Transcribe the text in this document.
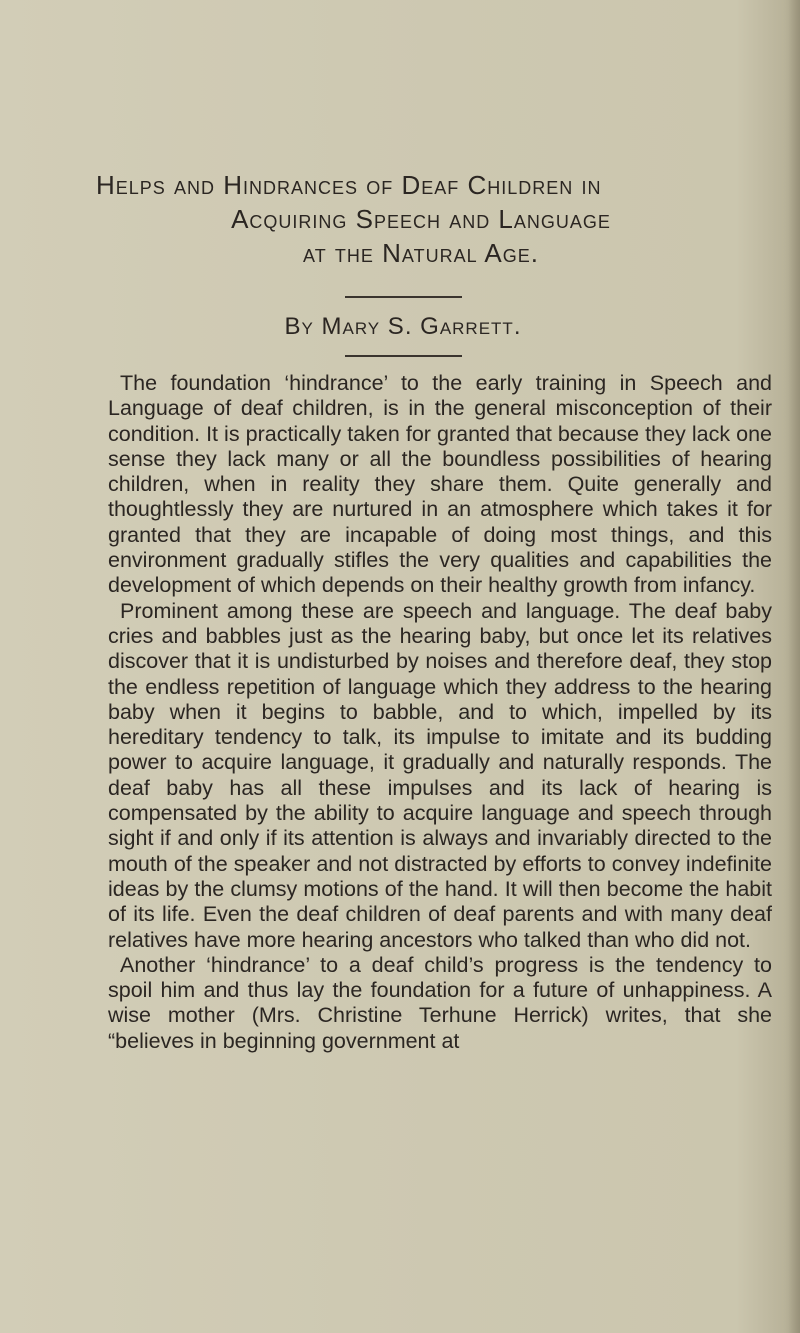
Helps and Hindrances of Deaf Children in
Acquiring Speech and Language
at the Natural Age.
By Mary S. Garrett.

The foundation ‘hindrance’ to the early training in Speech and Language of deaf children, is in the general misconception of their condition. It is practically taken for granted that because they lack one sense they lack many or all the boundless possibilities of hearing children, when in reality they share them. Quite generally and thoughtlessly they are nurtured in an atmosphere which takes it for granted that they are incapable of doing most things, and this environment gradually stifles the very qualities and capabilities the development of which depends on their healthy growth from infancy.

Prominent among these are speech and language. The deaf baby cries and babbles just as the hearing baby, but once let its relatives discover that it is undisturbed by noises and therefore deaf, they stop the endless repetition of language which they address to the hearing baby when it begins to babble, and to which, impelled by its hereditary tendency to talk, its impulse to imitate and its budding power to acquire language, it gradually and naturally responds. The deaf baby has all these impulses and its lack of hearing is compensated by the ability to acquire language and speech through sight if and only if its attention is always and invariably directed to the mouth of the speaker and not distracted by efforts to convey indefinite ideas by the clumsy motions of the hand. It will then become the habit of its life. Even the deaf children of deaf parents and with many deaf relatives have more hearing ancestors who talked than who did not.

Another ‘hindrance’ to a deaf child’s progress is the tendency to spoil him and thus lay the foundation for a future of unhappiness. A wise mother (Mrs. Christine Terhune Herrick) writes, that she “believes in beginning government at
